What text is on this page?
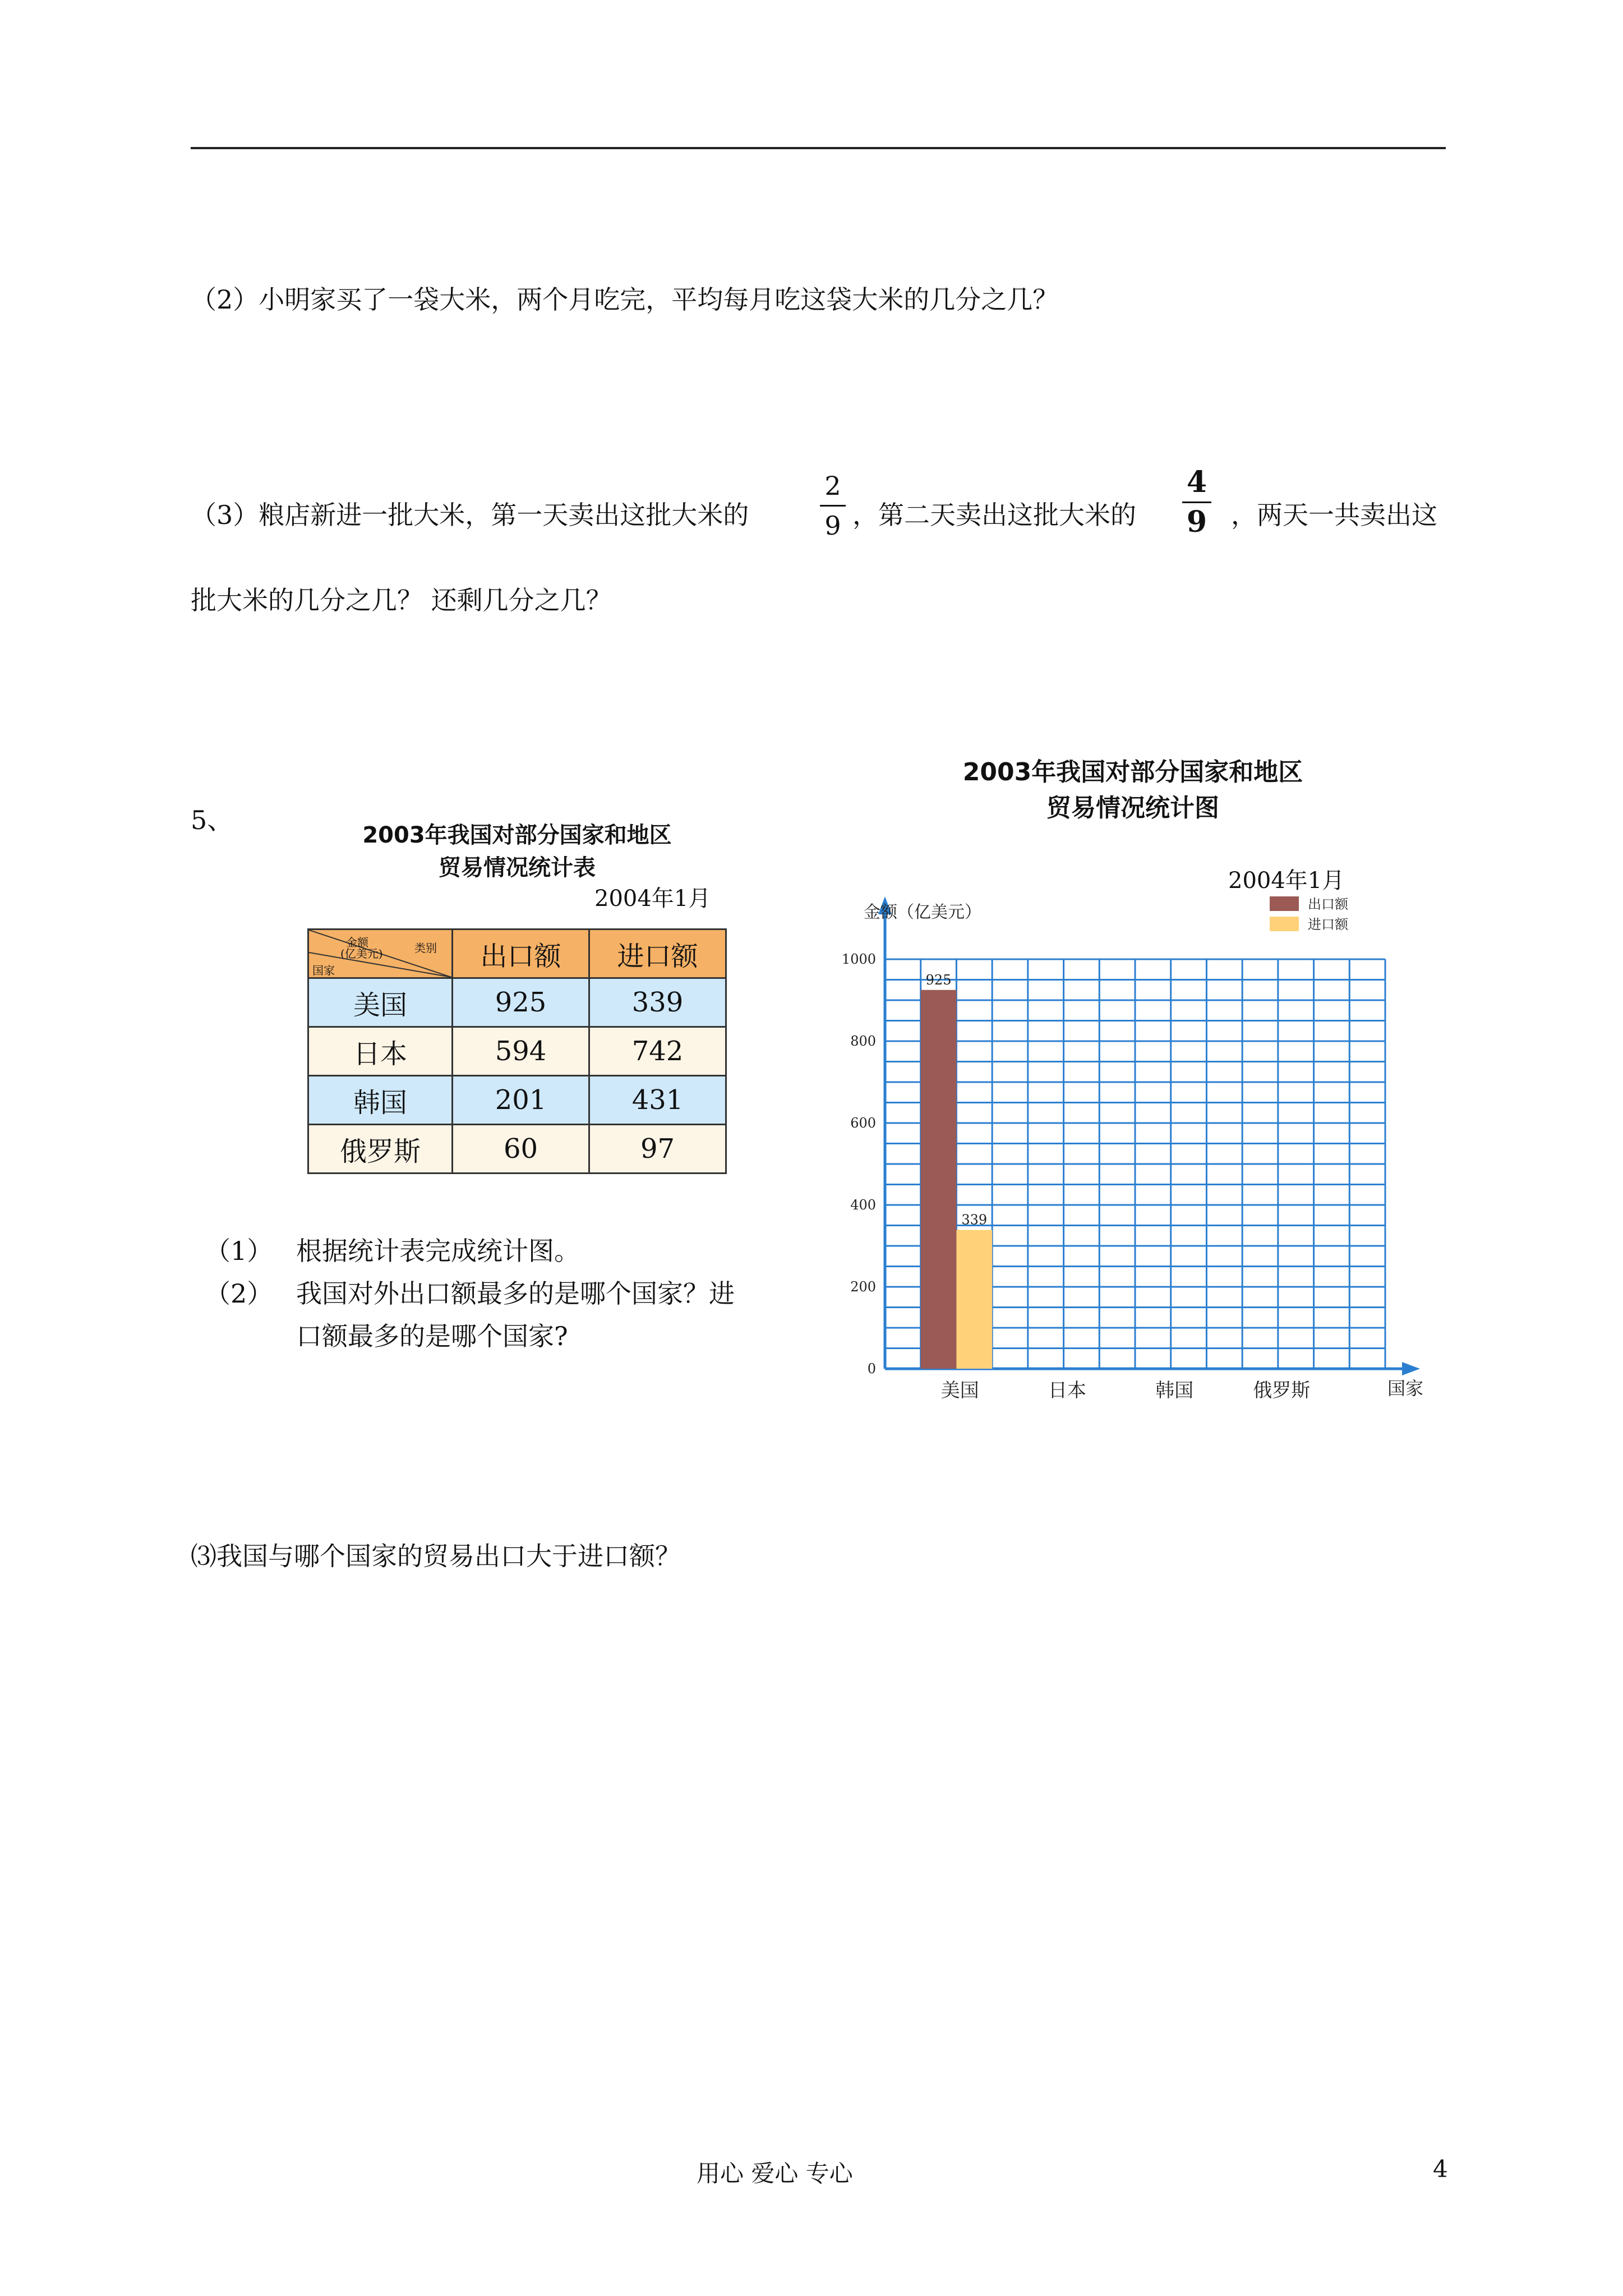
（2）小明家买了一袋大米，两个月吃完，平均每月吃这袋大米的几分之几？
（3）粮店新进一批大米，第一天卖出这批大米的
2
9 ，第二天卖出这批大米的
4
9 ，两天一共卖出这
批大米的几分之几？ 还剩几分之几？
5、	2003年我国对部分国家和地区
贸易情况统计表
2004年1月
金额
(亿美元) 类别
国家	出口额	进口额
美国	925	339
日本	594	742
韩国	201	431
俄罗斯	60	97
（1） 根据统计表完成统计图。
（2） 我国对外出口额最多的是哪个国家？进
口额最多的是哪个国家?
2003年我国对部分国家和地区
贸易情况统计图
2004年1月
0
200
400
600
800
1000
金额（亿美元）
国家
美国	日本	韩国	俄罗斯
925
339
出口额
进口额
⑶我国与哪个国家的贸易出口大于进口额？
用心 爱心 专心	4
